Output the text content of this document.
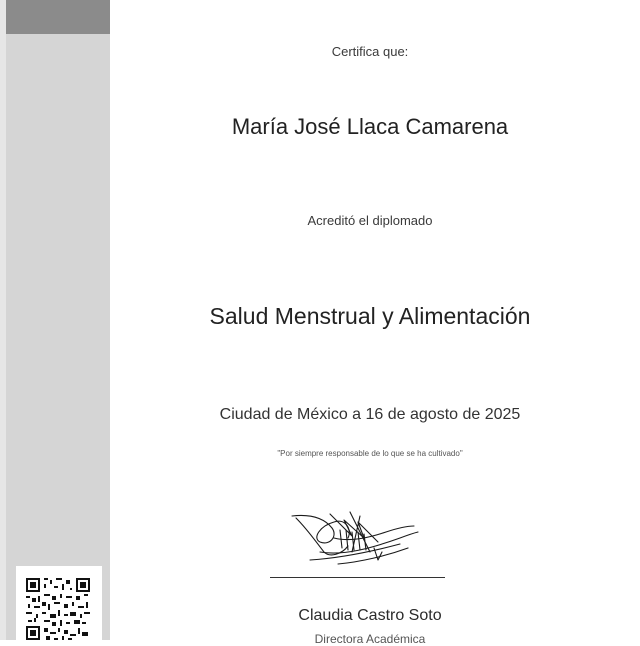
Certifica que:
María José Llaca Camarena
Acreditó el diplomado
Salud Menstrual y Alimentación
Ciudad de México a 16 de agosto de 2025
"Por siempre responsable de lo que se ha cultivado"
Claudia Castro Soto
Directora Académica
